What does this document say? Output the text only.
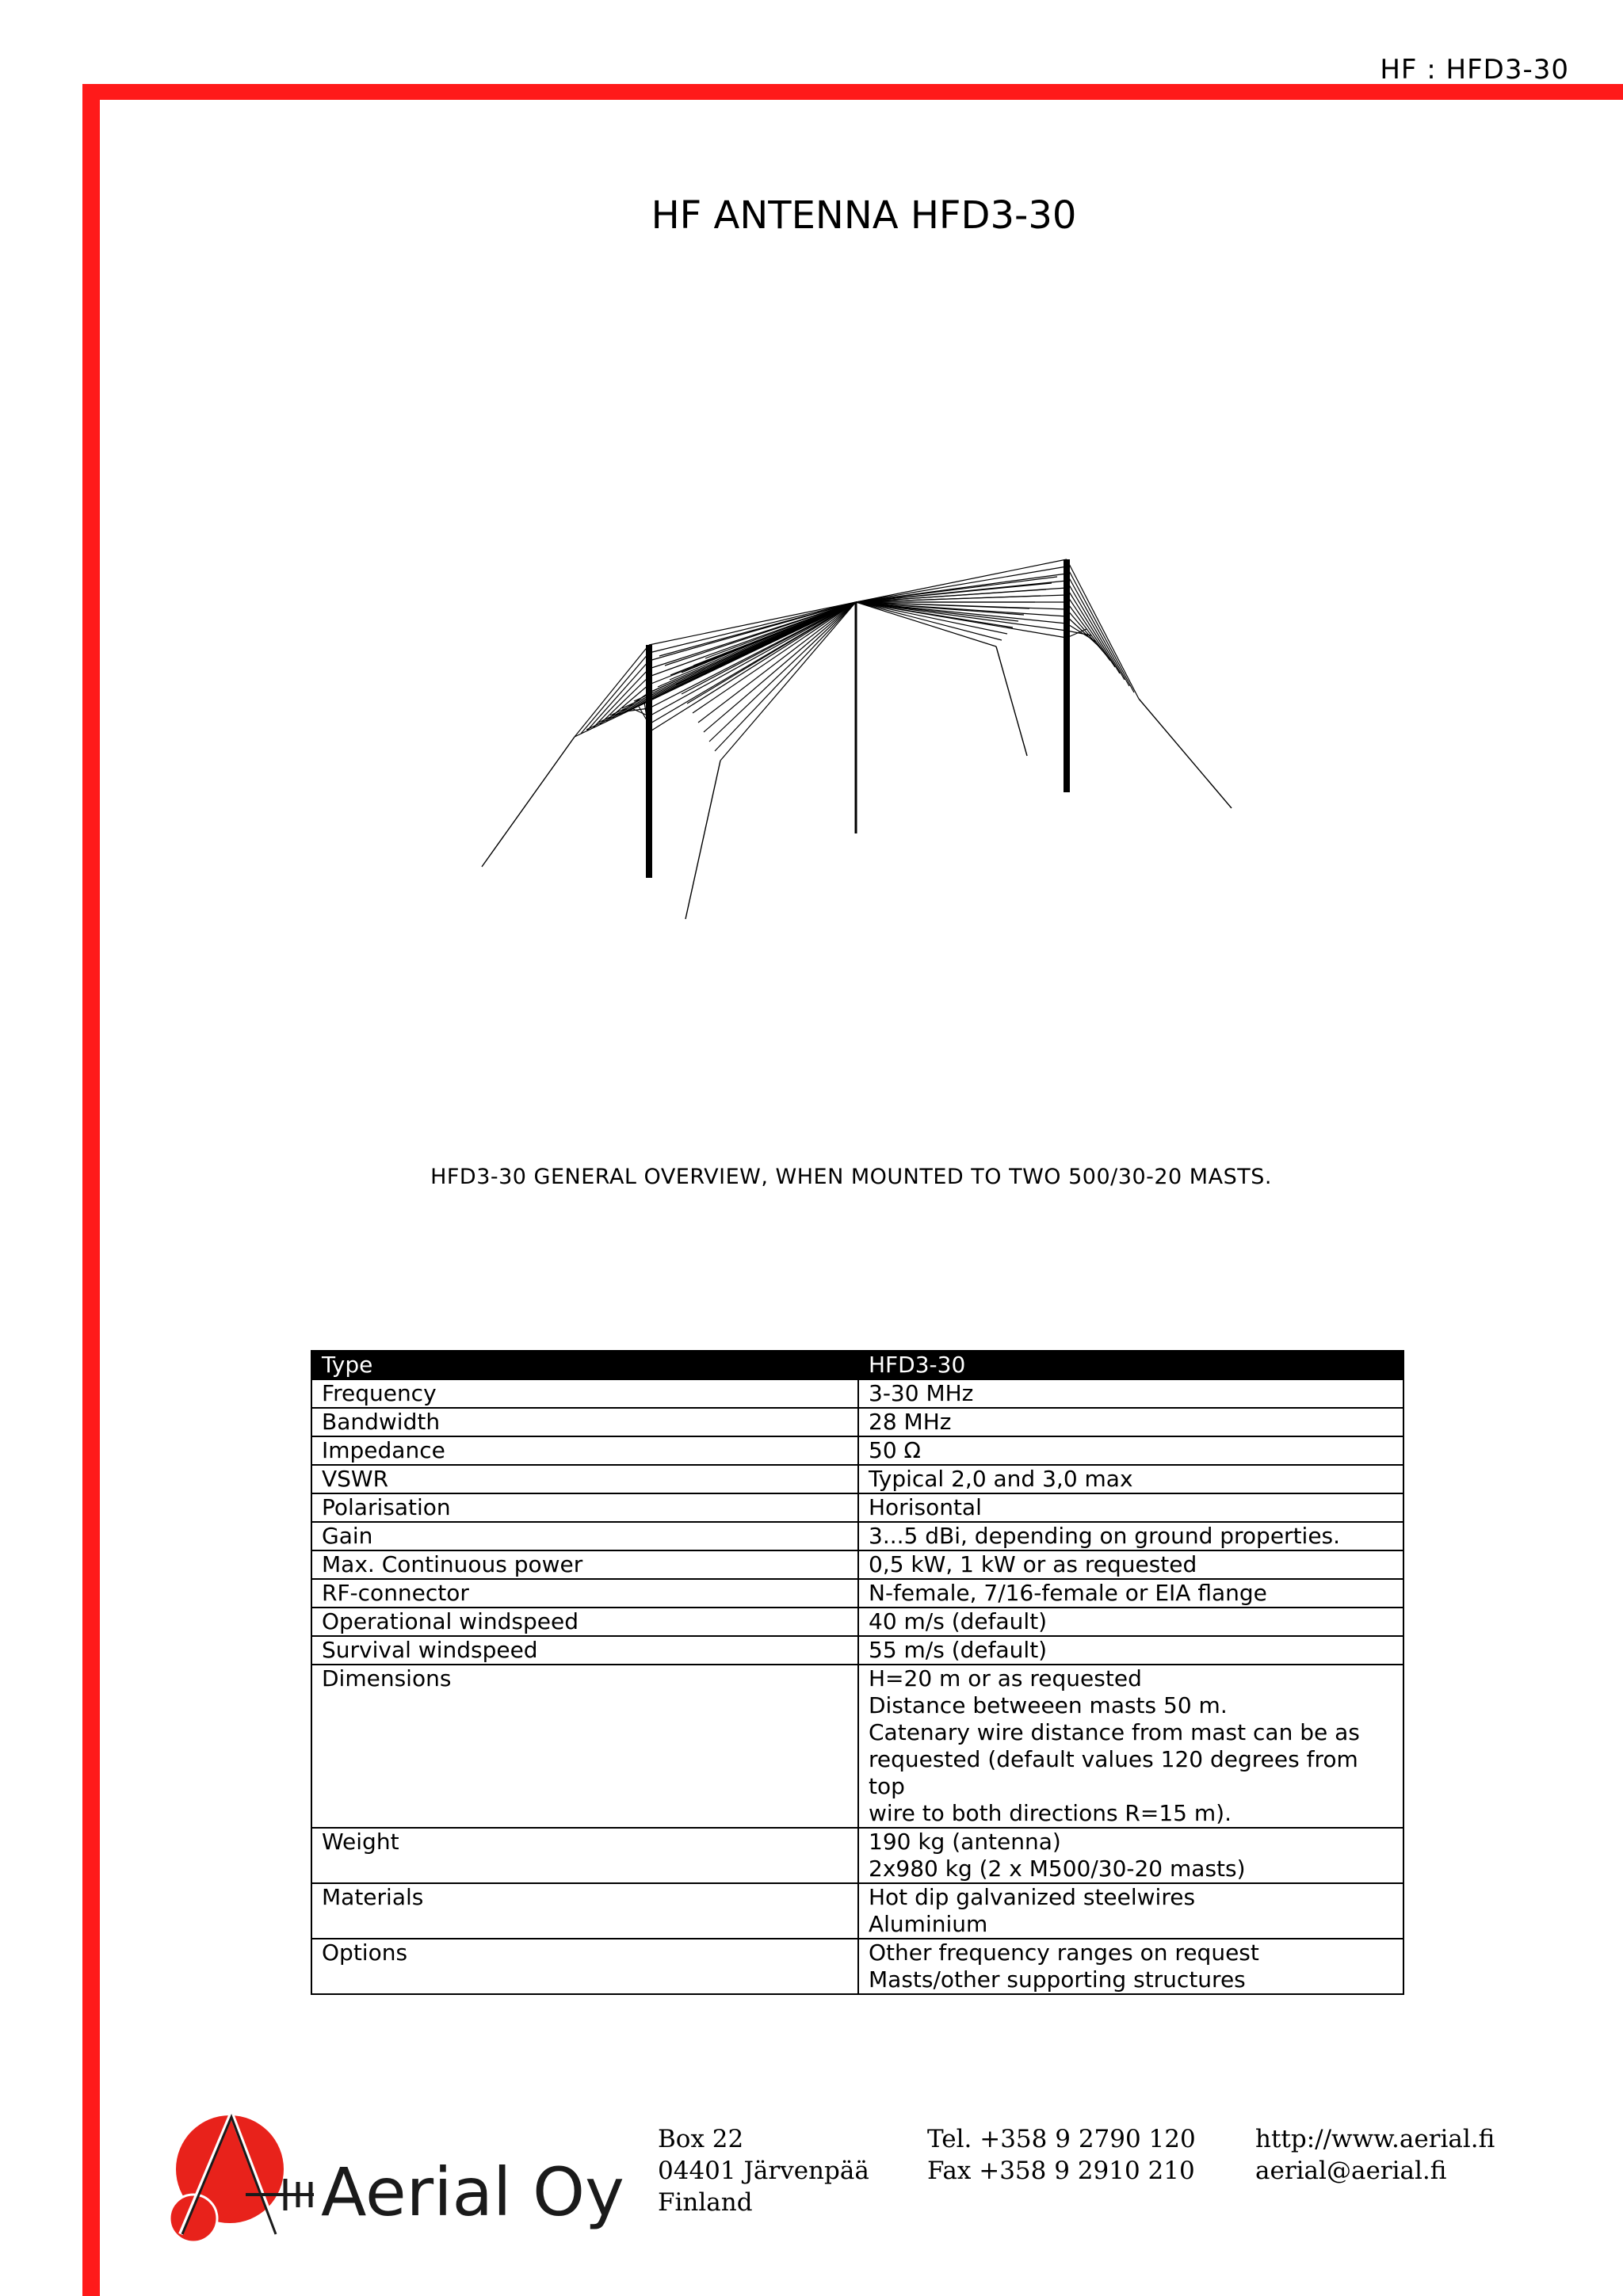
HF : HFD3-30
HF ANTENNA HFD3-30
HFD3-30 GENERAL OVERVIEW, WHEN MOUNTED TO TWO 500/30-20 MASTS.
Type	HFD3-30
Frequency	3-30 MHz

Bandwidth	28 MHz

Impedance	50 Ω

VSWR	Typical 2,0 and 3,0 max

Polarisation	Horisontal

Gain	3...5 dBi, depending on ground properties.

Max. Continuous power	0,5 kW, 1 kW or as requested

RF-connector	N-female, 7/16-female or EIA flange

Operational windspeed	40 m/s (default)

Survival windspeed	55 m/s (default)

Dimensions	H=20 m or as requested
Distance betweeen masts 50 m.
Catenary wire distance from mast can be as
requested (default values 120 degrees from top
wire to both directions R=15 m).

Weight	190 kg (antenna)
2x980 kg (2 x M500/30-20 masts)

Materials	Hot dip galvanized steelwires
Aluminium

Options	Other frequency ranges on request
Masts/other supporting structures
Aerial Oy
Box 22
04401 Järvenpää
Finland
Tel. +358 9 2790 120
Fax +358 9 2910 210
http://www.aerial.fi
aerial@aerial.fi
